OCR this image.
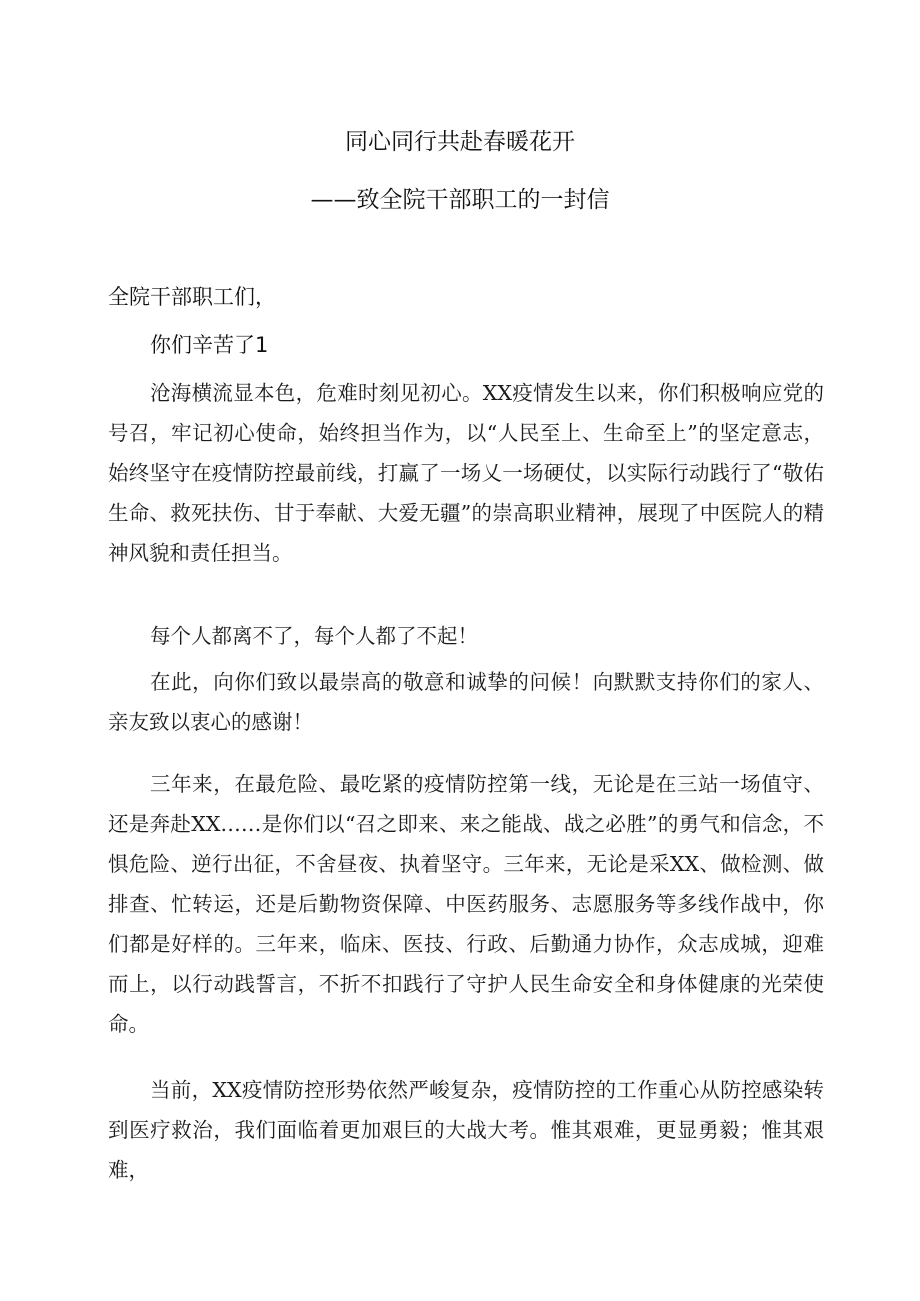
同心同行共赴春暖花开
——致全院干部职工的一封信

全院干部职工们，

你们辛苦了1

沧海横流显本色，危难时刻见初心。XX疫情发生以来，你们积极响应党的号召，牢记初心使命，始终担当作为，以“人民至上、生命至上”的坚定意志，始终坚守在疫情防控最前线，打赢了一场乂一场硬仗，以实际行动践行了“敬佑生命、救死扶伤、甘于奉献、大爱无疆”的崇高职业精神，展现了中医院人的精神风貌和责任担当。

每个人都离不了，每个人都了不起！

在此，向你们致以最崇高的敬意和诚挚的问候！向默默支持你们的家人、亲友致以衷心的感谢！

三年来，在最危险、最吃紧的疫情防控第一线，无论是在三站一场值守、还是奔赴XX……是你们以“召之即来、来之能战、战之必胜”的勇气和信念，不惧危险、逆行出征，不舍昼夜、执着坚守。三年来，无论是采XX、做检测、做排查、忙转运，还是后勤物资保障、中医药服务、志愿服务等多线作战中，你们都是好样的。三年来，临床、医技、行政、后勤通力协作，众志成城，迎难而上，以行动践誓言，不折不扣践行了守护人民生命安全和身体健康的光荣使命。

当前，XX疫情防控形势依然严峻复杂，疫情防控的工作重心从防控感染转到医疗救治，我们面临着更加艰巨的大战大考。惟其艰难，更显勇毅；惟其艰难，
